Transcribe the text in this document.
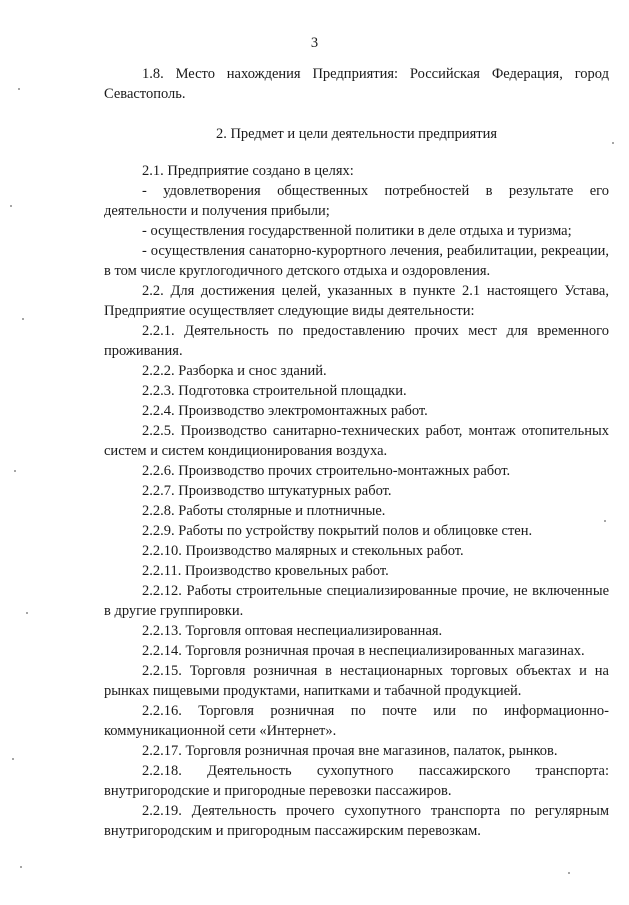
3

1.8. Место нахождения Предприятия: Российская Федерация, город Севастополь.

2. Предмет и цели деятельности предприятия

2.1. Предприятие создано в целях:

- удовлетворения общественных потребностей в результате его деятельности и получения прибыли;

- осуществления государственной политики в деле отдыха и туризма;

- осуществления санаторно-курортного лечения, реабилитации, рекреации, в том числе круглогодичного детского отдыха и оздоровления.

2.2. Для достижения целей, указанных в пункте 2.1 настоящего Устава, Предприятие осуществляет следующие виды деятельности:

2.2.1. Деятельность по предоставлению прочих мест для временного проживания.

2.2.2. Разборка и снос зданий.

2.2.3. Подготовка строительной площадки.

2.2.4. Производство электромонтажных работ.

2.2.5. Производство санитарно-технических работ, монтаж отопительных систем и систем кондиционирования воздуха.

2.2.6. Производство прочих строительно-монтажных работ.

2.2.7. Производство штукатурных работ.

2.2.8. Работы столярные и плотничные.

2.2.9. Работы по устройству покрытий полов и облицовке стен.

2.2.10. Производство малярных и стекольных работ.

2.2.11. Производство кровельных работ.

2.2.12. Работы строительные специализированные прочие, не включенные в другие группировки.

2.2.13. Торговля оптовая неспециализированная.

2.2.14. Торговля розничная прочая в неспециализированных магазинах.

2.2.15. Торговля розничная в нестационарных торговых объектах и на рынках пищевыми продуктами, напитками и табачной продукцией.

2.2.16. Торговля розничная по почте или по информационно-коммуникационной сети «Интернет».

2.2.17. Торговля розничная прочая вне магазинов, палаток, рынков.

2.2.18. Деятельность сухопутного пассажирского транспорта: внутригородские и пригородные перевозки пассажиров.

2.2.19. Деятельность прочего сухопутного транспорта по регулярным внутригородским и пригородным пассажирским перевозкам.
